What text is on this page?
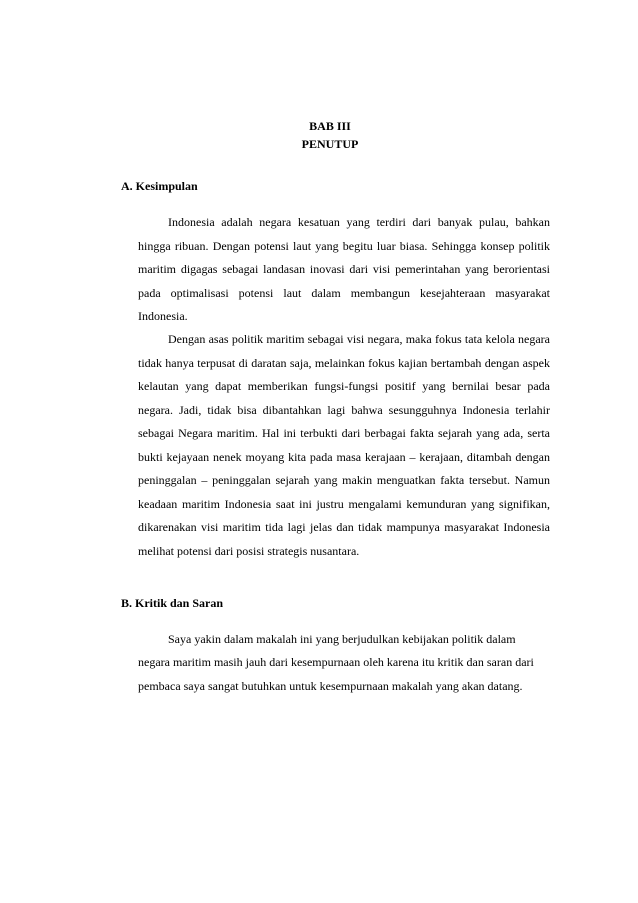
BAB III
PENUTUP
A. Kesimpulan

Indonesia adalah negara kesatuan yang terdiri dari banyak pulau, bahkan hingga ribuan. Dengan potensi laut yang begitu luar biasa. Sehingga konsep politik maritim digagas sebagai landasan inovasi dari visi pemerintahan yang berorientasi pada optimalisasi potensi laut dalam membangun kesejahteraan masyarakat Indonesia.

Dengan asas politik maritim sebagai visi negara, maka fokus tata kelola negara tidak hanya terpusat di daratan saja, melainkan fokus kajian bertambah dengan aspek kelautan yang dapat memberikan fungsi-fungsi positif yang bernilai besar pada negara. Jadi, tidak bisa dibantahkan lagi bahwa sesungguhnya Indonesia terlahir sebagai Negara maritim. Hal ini terbukti dari berbagai fakta sejarah yang ada, serta bukti kejayaan nenek moyang kita pada masa kerajaan – kerajaan, ditambah dengan peninggalan – peninggalan sejarah yang makin menguatkan fakta tersebut. Namun keadaan maritim Indonesia saat ini justru mengalami kemunduran yang signifikan, dikarenakan visi maritim tida lagi jelas dan tidak mampunya masyarakat Indonesia melihat potensi dari posisi strategis nusantara.

B. Kritik dan Saran

Saya yakin dalam makalah ini yang berjudulkan kebijakan politik dalam negara maritim masih jauh dari kesempurnaan oleh karena itu kritik dan saran dari pembaca saya sangat butuhkan untuk kesempurnaan makalah yang akan datang.
